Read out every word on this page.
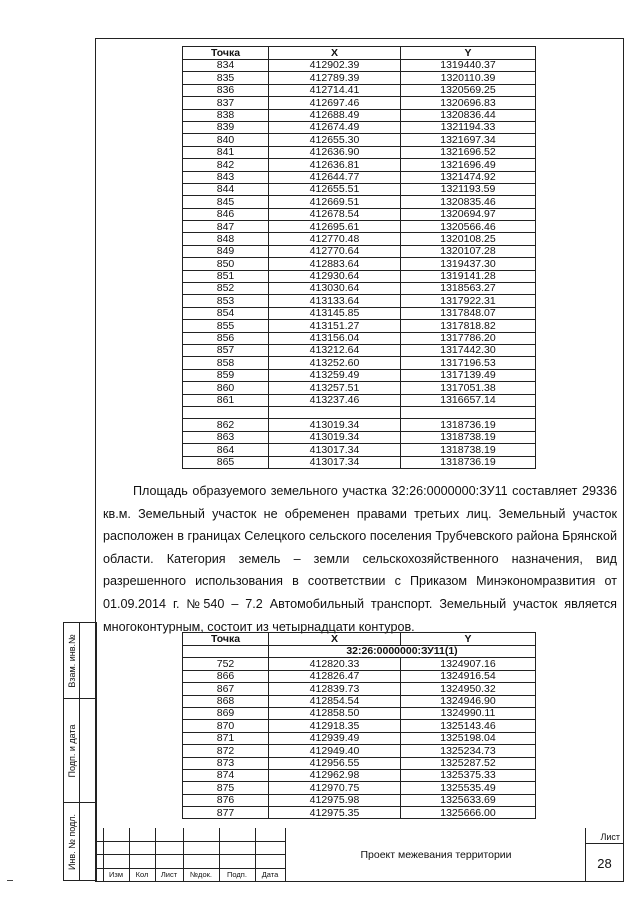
Точка	X	Y
834	412902.39	1319440.37
835	412789.39	1320110.39
836	412714.41	1320569.25
837	412697.46	1320696.83
838	412688.49	1320836.44
839	412674.49	1321194.33
840	412655.30	1321697.34
841	412636.90	1321696.52
842	412636.81	1321696.49
843	412644.77	1321474.92
844	412655.51	1321193.59
845	412669.51	1320835.46
846	412678.54	1320694.97
847	412695.61	1320566.46
848	412770.48	1320108.25
849	412770.64	1320107.28
850	412883.64	1319437.30
851	412930.64	1319141.28
852	413030.64	1318563.27
853	413133.64	1317922.31
854	413145.85	1317848.07
855	413151.27	1317818.82
856	413156.04	1317786.20
857	413212.64	1317442.30
858	413252.60	1317196.53
859	413259.49	1317139.49
860	413257.51	1317051.38
861	413237.46	1316657.14

862	413019.34	1318736.19
863	413019.34	1318738.19
864	413017.34	1318738.19
865	413017.34	1318736.19
Площадь образуемого земельного участка 32:26:0000000:ЗУ11 составляет 29336 кв.м. Земельный участок не обременен правами третьих лиц. Земельный участок расположен в границах Селецкого сельского поселения Трубчевского района Брянской области. Категория земель – земли сельскохозяйственного назначения, вид разрешенного использования в соответствии с Приказом Минэкономразвития от 01.09.2014 г. №540 – 7.2 Автомобильный транспорт. Земельный участок является многоконтурным, состоит из четырнадцати контуров.
Точка	X	Y
	32:26:0000000:ЗУ11(1)	
752	412820.33	1324907.16
866	412826.47	1324916.54
867	412839.73	1324950.32
868	412854.54	1324946.90
869	412858.50	1324990.11
870	412918.35	1325143.46
871	412939.49	1325198.04
872	412949.40	1325234.73
873	412956.55	1325287.52
874	412962.98	1325375.33
875	412970.75	1325535.49
876	412975.98	1325633.69
877	412975.35	1325666.00
Взам. инв.№
Подп. и дата
Инв. № подл.
Изм	Кол	Лист	№док.	Подп.	Дата
Проект межевания территории
Лист
28
